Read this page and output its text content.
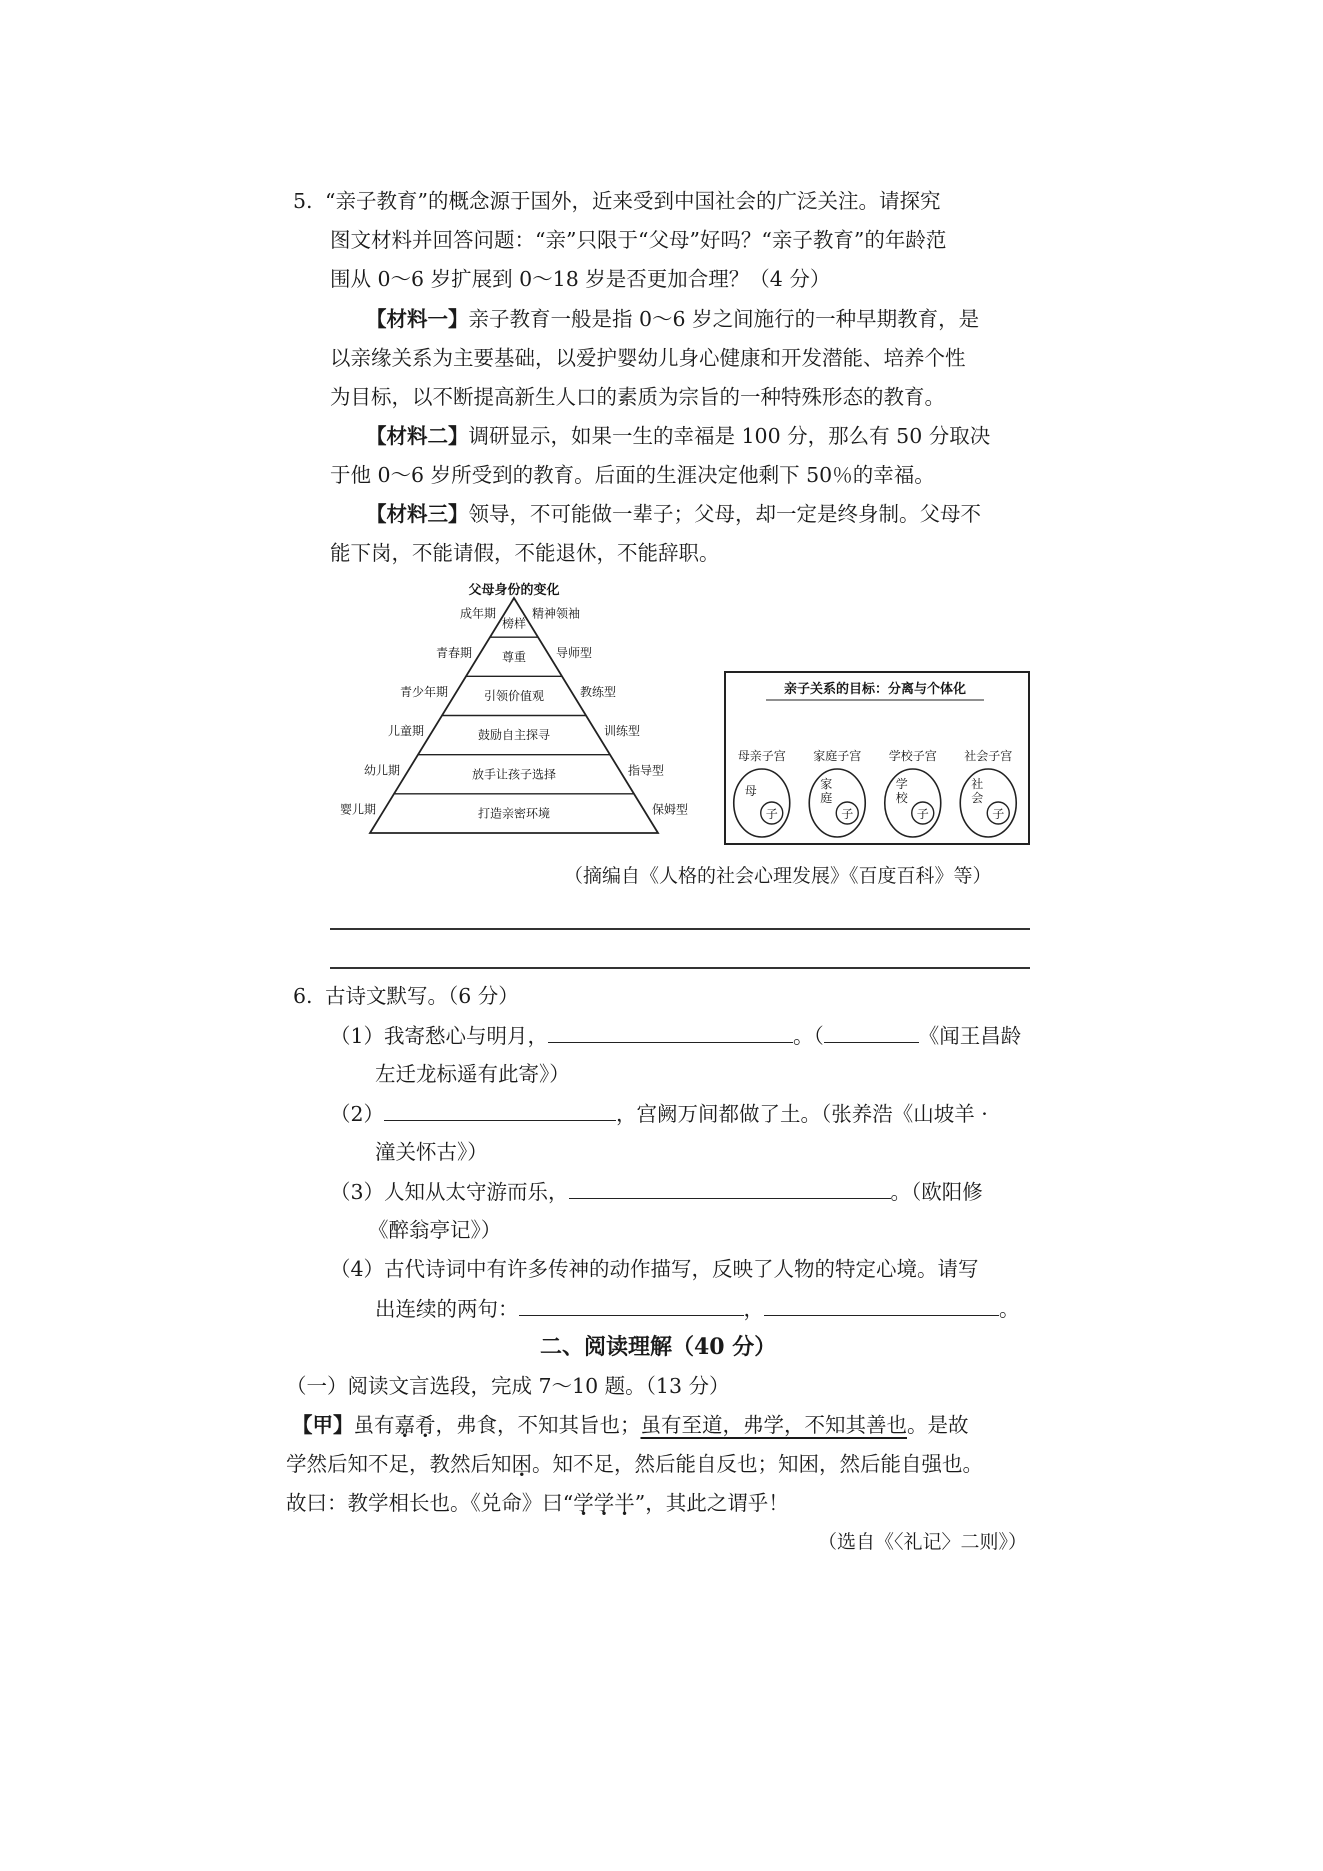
5. “亲子教育”的概念源于国外，近来受到中国社会的广泛关注。请探究
图文材料并回答问题：“亲”只限于“父母”好吗？“亲子教育”的年龄范
围从 0～6 岁扩展到 0～18 岁是否更加合理？（4 分）
【材料一】亲子教育一般是指 0～6 岁之间施行的一种早期教育，是
以亲缘关系为主要基础，以爱护婴幼儿身心健康和开发潜能、培养个性
为目标，以不断提高新生人口的素质为宗旨的一种特殊形态的教育。
【材料二】调研显示，如果一生的幸福是 100 分，那么有 50 分取决
于他 0～6 岁所受到的教育。后面的生涯决定他剩下 50％的幸福。
【材料三】领导，不可能做一辈子；父母，却一定是终身制。父母不
能下岗，不能请假，不能退休，不能辞职。
父母身份的变化
榜样
成年期	精神领袖
尊重
青春期	导师型
引领价值观
青少年期	教练型
鼓励自主探寻
儿童期	训练型
放手让孩子选择
幼儿期	指导型
打造亲密环境
婴儿期	保姆型
亲子关系的目标：分离与个体化
母亲子宫
子
母
家庭子宫
子
家
庭
学校子宫
子
学
校
社会子宫
子
社
会
（摘编自《人格的社会心理发展》《百度百科》等）
6. 古诗文默写。（6 分）
（1）我寄愁心与明月，	。（	《闻王昌龄
左迁龙标遥有此寄》）
（2）	，宫阙万间都做了土。（张养浩《山坡羊 ·
潼关怀古》）
（3）人知从太守游而乐，	。（欧阳修
《醉翁亭记》）
（4）古代诗词中有许多传神的动作描写，反映了人物的特定心境。请写
出连续的两句：	，	。
二、阅读理解（40 分）
（一）阅读文言选段，完成 7～10 题。（13 分）
【甲】虽有嘉肴，弗食，不知其旨也；虽有至道，弗学，不知其善也。是故
学然后知不足，教然后知困。知不足，然后能自反也；知困，然后能自强也。
故曰：教学相长也。《兑命》曰“学学半”，其此之谓乎！
（选自《〈礼记〉二则》）
